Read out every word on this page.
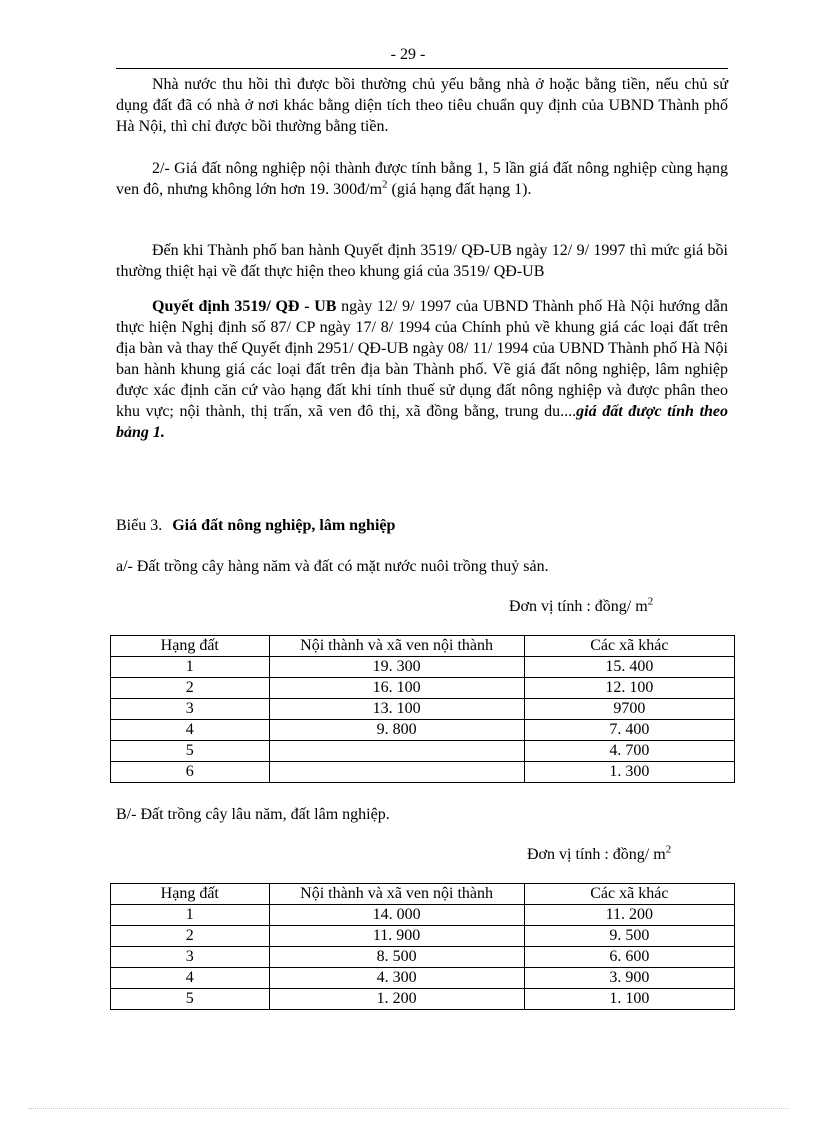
- 29 -

Nhà nước thu hồi thì được bồi thường chủ yếu bằng nhà ở hoặc bằng tiền, nếu chủ sử dụng đất đã có nhà ở nơi khác bằng diện tích theo tiêu chuẩn quy định của UBND Thành phố Hà Nội, thì chỉ được bồi thường bằng tiền.

2/- Giá đất nông nghiệp nội thành được tính bằng 1, 5 lần giá đất nông nghiệp cùng hạng ven đô, nhưng không lớn hơn 19. $300đ/m^2$ (giá hạng đất hạng 1).

Đến khi Thành phố ban hành Quyết định 3519/ QĐ-UB ngày 12/ 9/ 1997 thì mức giá bồi thường thiệt hại về đất thực hiện theo khung giá của 3519/ QĐ-UB

Quyết định 3519/ QĐ - UB ngày 12/ 9/ 1997 của UBND Thành phố Hà Nội hướng dẫn thực hiện Nghị định số 87/ CP ngày 17/ 8/ 1994 của Chính phủ về khung giá các loại đất trên địa bàn và thay thế Quyết định 2951/ QĐ-UB ngày 08/ 11/ 1994 của UBND Thành phố Hà Nội ban hành khung giá các loại đất trên địa bàn Thành phố. Về giá đất nông nghiệp, lâm nghiệp được xác định căn cứ vào hạng đất khi tính thuế sử dụng đất nông nghiệp và được phân theo khu vực; nội thành, thị trấn, xã ven đô thị, xã đồng bằng, trung du....giá đất được tính theo bảng 1.

Biểu 3. Giá đất nông nghiệp, lâm nghiệp

a/- Đất trồng cây hàng năm và đất có mặt nước nuôi trồng thuỷ sản.

Đơn vị tính : đồng/ $m^2$

Hạng đất	Nội thành và xã ven nội thành	Các xã khác
1	19. 300	15. 400
2	16. 100	12. 100
3	13. 100	9700
4	9. 800	7. 400
5		4. 700
6		1. 300

B/- Đất trồng cây lâu năm, đất lâm nghiệp.

Đơn vị tính : đồng/ $m^2$

Hạng đất	Nội thành và xã ven nội thành	Các xã khác
1	14. 000	11. 200
2	11. 900	9. 500
3	8. 500	6. 600
4	4. 300	3. 900
5	1. 200	1. 100
